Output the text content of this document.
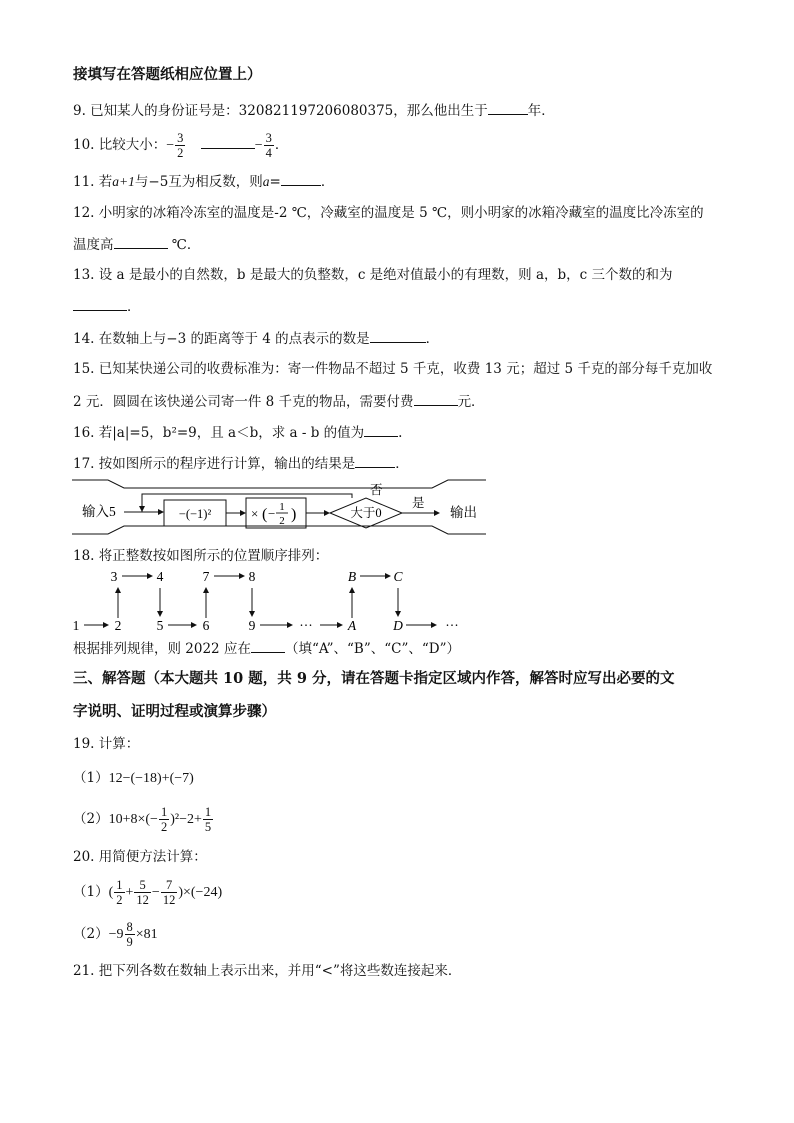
接填写在答题纸相应位置上）
9. 已知某人的身份证号是：320821197206080375，那么他出生于	年．
10. 比较大小：− $\frac{3}{2}$	− $\frac{3}{4}$ ．
11. 若a+1与−5互为相反数，则a=	．
12. 小明家的冰箱冷冻室的温度是-2 ℃，冷藏室的温度是 5 ℃，则小明家的冰箱冷藏室的温度比冷冻室的
温度高	℃．
13. 设 a 是最小的自然数，b 是最大的负整数，c 是绝对值最小的有理数，则 a，b，c 三个数的和为
．
14. 在数轴上与−3 的距离等于 4 的点表示的数是	．
15. 已知某快递公司的收费标准为：寄一件物品不超过 5 千克，收费 13 元；超过 5 千克的部分每千克加收
2 元．圆圆在该快递公司寄一件 8 千克的物品，需要付费	元．
16. 若|a|=5，b²=9，且 a＜b，求 a - b 的值为	.
17. 按如图所示的程序进行计算，输出的结果是	．
输入5	−(−1)²	× ( − 1
2 )	大于0
否
是
输出
18. 将正整数按如图所示的位置顺序排列：
3	4	7	8	B	C
1	2	5	6	9	···	A	D	···
根据排列规律，则 2022 应在	（填“A”、“B”、“C”、“D”）
三、解答题（本大题共 10 题，共 9 分，请在答题卡指定区域内作答，解答时应写出必要的文
字说明、证明过程或演算步骤）
19. 计算：
（1）12−(−18)+(−7)
$(2)10+8\times(- \frac{1}{2} )^2-2+ \frac{1}{5}$
20. 用简便方法计算：
$(1)( \frac{1}{2} + \frac{5}{12} - \frac{7}{12} )\times(-24)$
$(2)-9 \frac{8}{9} \times 81$
21. 把下列各数在数轴上表示出来，并用“<”将这些数连接起来．
